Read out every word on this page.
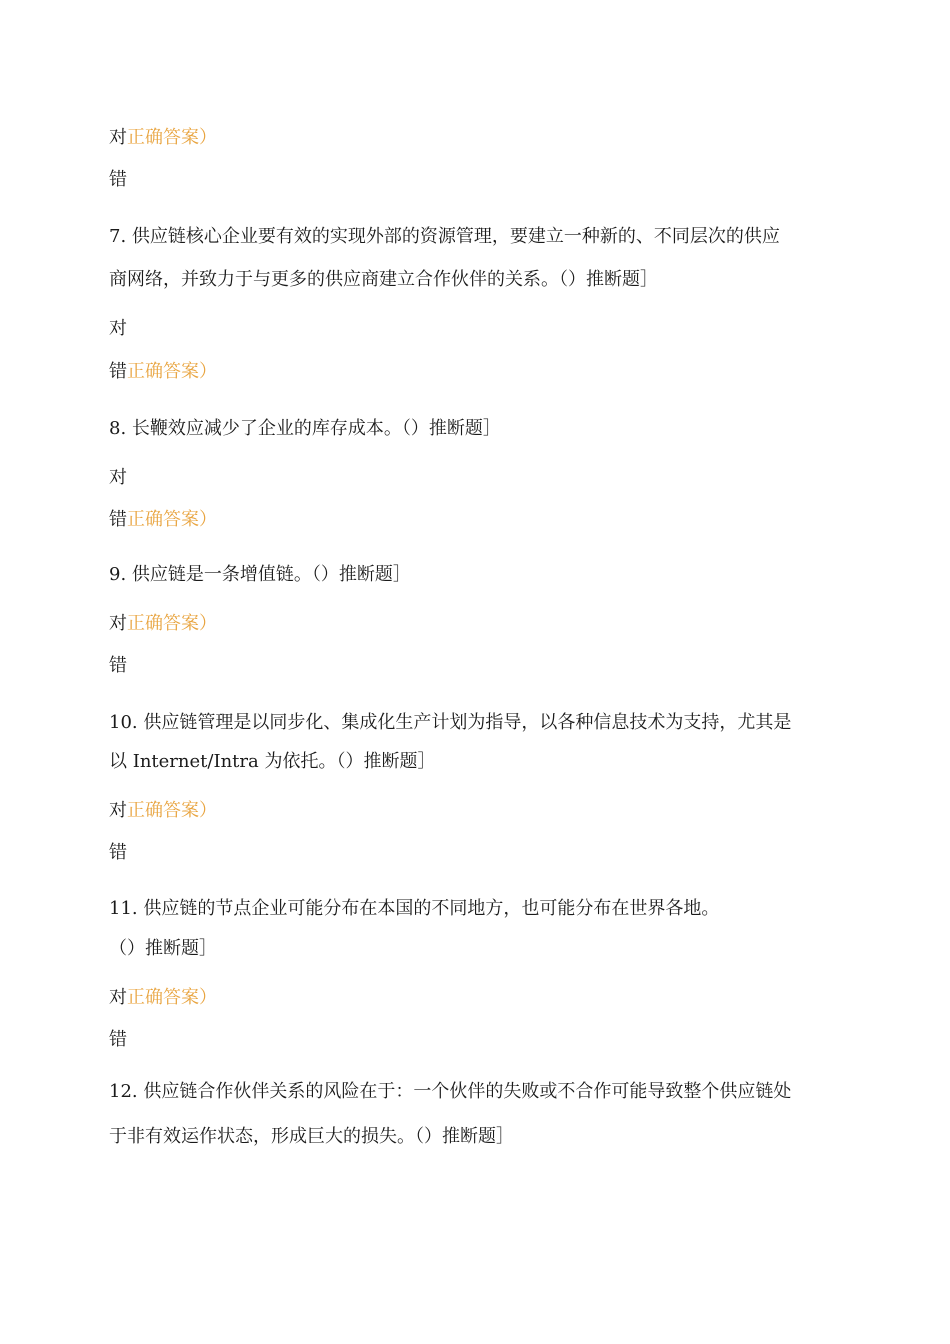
对正确答案）
错
7. 供应链核心企业要有效的实现外部的资源管理，要建立一种新的、不同层次的供应
商网络，并致力于与更多的供应商建立合作伙伴的关系。（）推断题］
对
错正确答案）
8. 长鞭效应减少了企业的库存成本。（）推断题］
对
错正确答案）
9. 供应链是一条增值链。（）推断题］
对正确答案）
错
10. 供应链管理是以同步化、集成化生产计划为指导，以各种信息技术为支持，尤其是
以 Internet/Intra 为依托。（）推断题］
对正确答案）
错
11. 供应链的节点企业可能分布在本国的不同地方，也可能分布在世界各地。
（）推断题］
对正确答案）
错
12. 供应链合作伙伴关系的风险在于：一个伙伴的失败或不合作可能导致整个供应链处
于非有效运作状态，形成巨大的损失。（）推断题］
